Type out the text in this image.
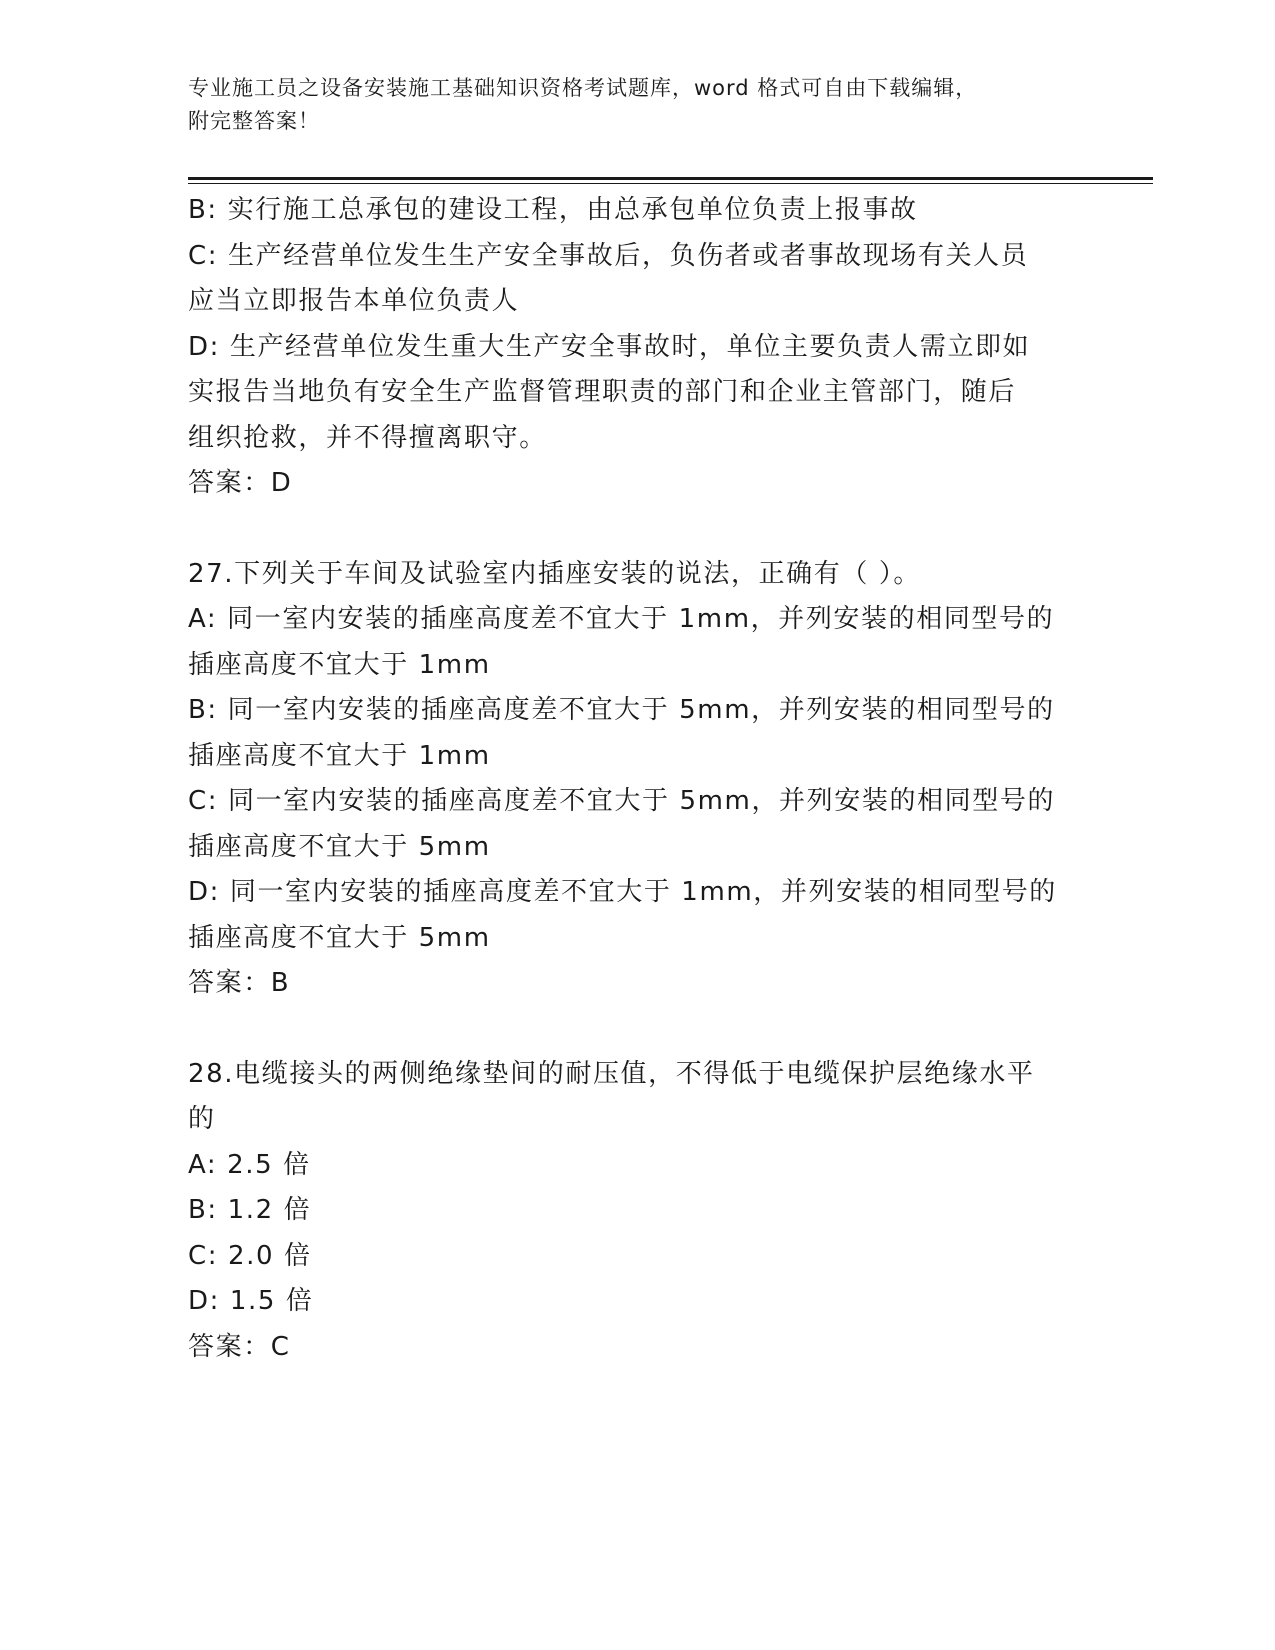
专业施工员之设备安装施工基础知识资格考试题库，word 格式可自由下载编辑，
附完整答案！
B: 实行施工总承包的建设工程，由总承包单位负责上报事故
C: 生产经营单位发生生产安全事故后，负伤者或者事故现场有关人员
应当立即报告本单位负责人
D: 生产经营单位发生重大生产安全事故时，单位主要负责人需立即如
实报告当地负有安全生产监督管理职责的部门和企业主管部门，随后
组织抢救，并不得擅离职守。
答案：D
27.下列关于车间及试验室内插座安装的说法，正确有（ ）。
A: 同一室内安装的插座高度差不宜大于 1mm，并列安装的相同型号的
插座高度不宜大于 1mm
B: 同一室内安装的插座高度差不宜大于 5mm，并列安装的相同型号的
插座高度不宜大于 1mm
C: 同一室内安装的插座高度差不宜大于 5mm，并列安装的相同型号的
插座高度不宜大于 5mm
D: 同一室内安装的插座高度差不宜大于 1mm，并列安装的相同型号的
插座高度不宜大于 5mm
答案：B
28.电缆接头的两侧绝缘垫间的耐压值，不得低于电缆保护层绝缘水平
的
A: 2.5 倍
B: 1.2 倍
C: 2.0 倍
D: 1.5 倍
答案：C
